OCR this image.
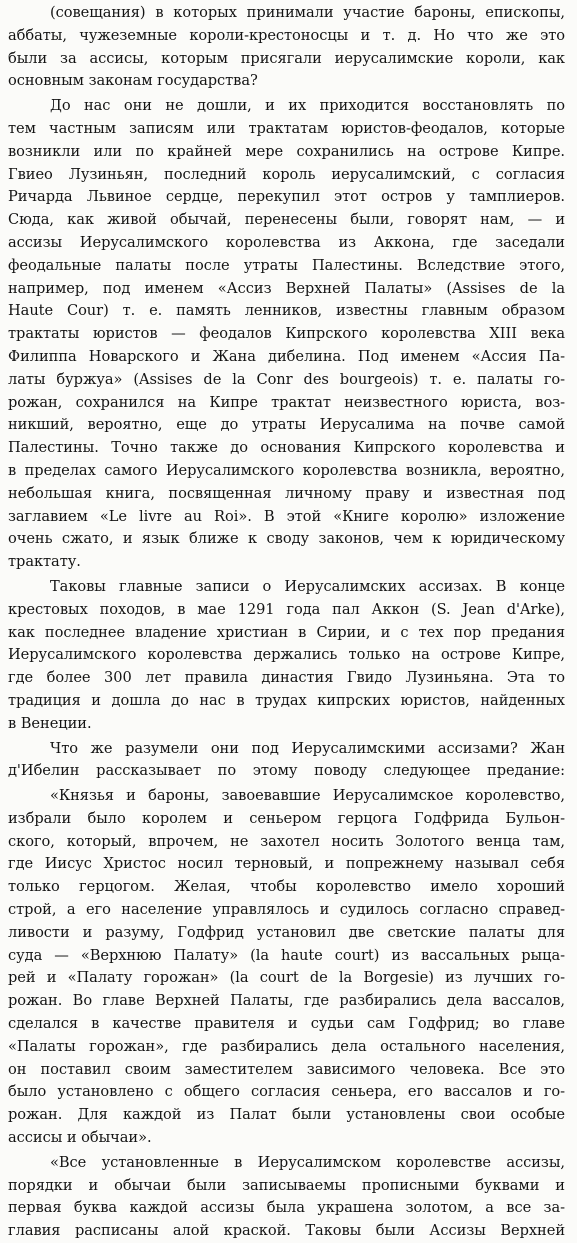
(совещания) в которых принимали участие бароны, епископы,
аббаты, чужеземные короли-крестоносцы и т. д. Но что же это
были за ассисы, которым присягали иерусалимские короли, как
основным законам государства?
До нас они не дошли, и их приходится восстановлять по
тем частным записям или трактатам юристов-феодалов, которые
возникли или по крайней мере сохранились на острове Кипре.
Гвиео Лузиньян, последний король иерусалимский, с согласия
Ричарда Львиное сердце, перекупил этот остров у тамплиеров.
Сюда, как живой обычай, перенесены были, говорят нам, — и
ассизы Иерусалимского королевства из Аккона, где заседали
феодальные палаты после утраты Палестины. Вследствие этого,
например, под именем «Ассиз Верхней Палаты» (Assises de la
Haute Cour) т. е. память ленников, известны главным образом
трактаты юристов — феодалов Кипрского королевства XIII века
Филиппа Новарского и Жана дибелина. Под именем «Ассия Па-
латы буржуа» (Assises de la Conr des bourgeois) т. е. палаты го-
рожан, сохранился на Кипре трактат неизвестного юриста, воз-
никший, вероятно, еще до утраты Иерусалима на почве самой
Палестины. Точно также до основания Кипрского королевства и
в пределах самого Иерусалимского королевства возникла, вероятно,
небольшая книга, посвященная личному праву и известная под
заглавием «Le livre au Roi». В этой «Книге королю» изложение
очень сжато, и язык ближе к своду законов, чем к юридическому
трактату.
Таковы главные записи о Иерусалимских ассизах. В конце
крестовых походов, в мае 1291 года пал Аккон (S. Jean d'Arke),
как последнее владение христиан в Сирии, и с тех пор предания
Иерусалимского королевства держались только на острове Кипре,
где более 300 лет правила династия Гвидо Лузиньяна. Эта то
традиция и дошла до нас в трудах кипрских юристов, найденных
в Венеции.
Что же разумели они под Иерусалимскими ассизами? Жан
д'Ибелин рассказывает по этому поводу следующее предание:
«Князья и бароны, завоевавшие Иерусалимское королевство,
избрали было королем и сеньером герцога Годфрида Бульон-
ского, который, впрочем, не захотел носить Золотого венца там,
где Иисус Христос носил терновый, и попрежнему называл себя
только герцогом. Желая, чтобы королевство имело хороший
строй, а его население управлялось и судилось согласно справед-
ливости и разуму, Годфрид установил две светские палаты для
суда — «Верхнюю Палату» (la haute court) из вассальных рыца-
рей и «Палату горожан» (la court de la Borgesie) из лучших го-
рожан. Во главе Верхней Палаты, где разбирались дела вассалов,
сделался в качестве правителя и судьи сам Годфрид; во главе
«Палаты горожан», где разбирались дела остального населения,
он поставил своим заместителем зависимого человека. Все это
было установлено с общего согласия сеньера, его вассалов и го-
рожан. Для каждой из Палат были установлены свои особые
ассисы и обычаи».
«Все установленные в Иерусалимском королевстве ассизы,
порядки и обычаи были записываемы прописными буквами и
первая буква каждой ассизы была украшена золотом, а все за-
главия расписаны алой краской. Таковы были Ассизы Верхней
